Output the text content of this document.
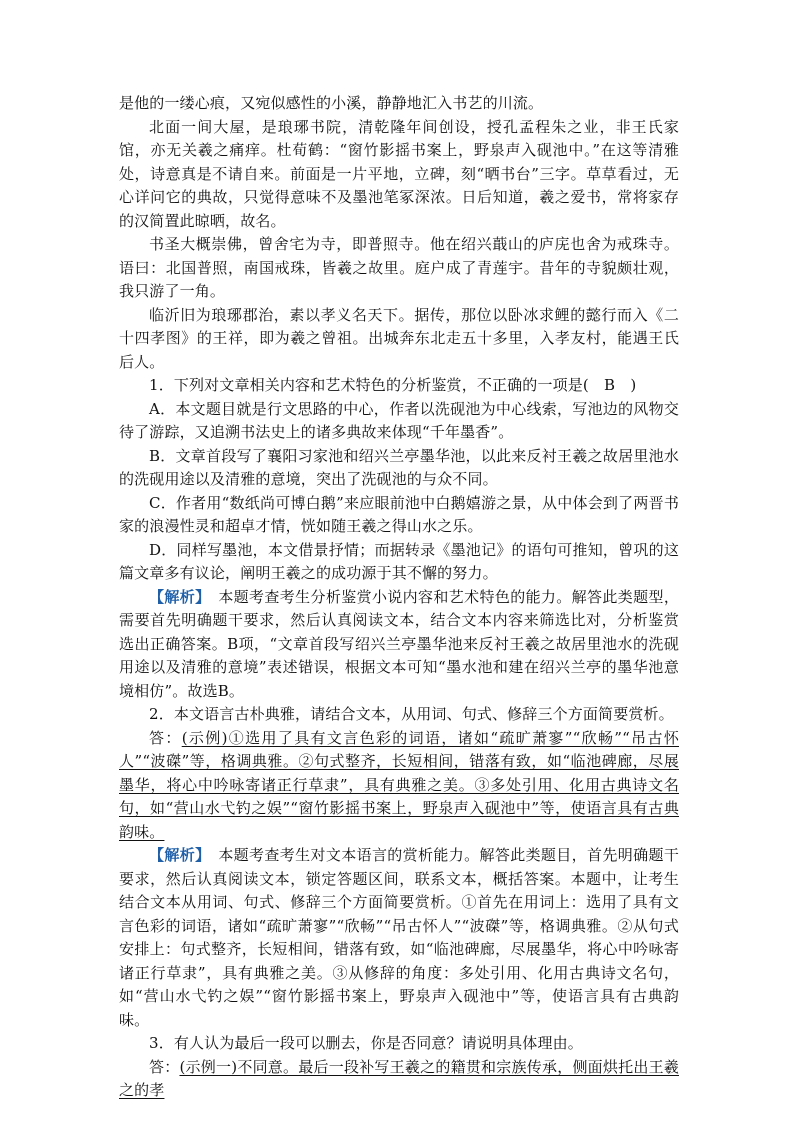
是他的一缕心痕，又宛似感性的小溪，静静地汇入书艺的川流。

北面一间大屋，是琅琊书院，清乾隆年间创设，授孔孟程朱之业，非王氏家馆，亦无关羲之痛痒。杜荀鹤：“窗竹影摇书案上，野泉声入砚池中。”在这等清雅处，诗意真是不请自来。前面是一片平地，立碑，刻“晒书台”三字。草草看过，无心详问它的典故，只觉得意味不及墨池笔冢深浓。日后知道，羲之爱书，常将家存的汉简置此晾晒，故名。

书圣大概崇佛，曾舍宅为寺，即普照寺。他在绍兴蕺山的庐庑也舍为戒珠寺。语曰：北国普照，南国戒珠，皆羲之故里。庭户成了青莲宇。昔年的寺貌颇壮观，我只游了一角。

临沂旧为琅琊郡治，素以孝义名天下。据传，那位以卧冰求鲤的懿行而入《二十四孝图》的王祥，即为羲之曾祖。出城奔东北走五十多里，入孝友村，能遇王氏后人。

1．下列对文章相关内容和艺术特色的分析鉴赏，不正确的一项是(　B　)

A．本文题目就是行文思路的中心，作者以洗砚池为中心线索，写池边的风物交待了游踪，又追溯书法史上的诸多典故来体现“千年墨香”。

B．文章首段写了襄阳习家池和绍兴兰亭墨华池，以此来反衬王羲之故居里池水的洗砚用途以及清雅的意境，突出了洗砚池的与众不同。

C．作者用“数纸尚可博白鹅”来应眼前池中白鹅嬉游之景，从中体会到了两晋书家的浪漫性灵和超卓才情，恍如随王羲之得山水之乐。

D．同样写墨池，本文借景抒情；而据转录《墨池记》的语句可推知，曾巩的这篇文章多有议论，阐明王羲之的成功源于其不懈的努力。

【解析】　本题考查考生分析鉴赏小说内容和艺术特色的能力。解答此类题型，需要首先明确题干要求，然后认真阅读文本，结合文本内容来筛选比对，分析鉴赏选出正确答案。B项，“文章首段写绍兴兰亭墨华池来反衬王羲之故居里池水的洗砚用途以及清雅的意境”表述错误，根据文本可知“墨水池和建在绍兴兰亭的墨华池意境相仿”。故选B。

2．本文语言古朴典雅，请结合文本，从用词、句式、修辞三个方面简要赏析。

答：(示例)①选用了具有文言色彩的词语，诸如“疏旷萧寥”“欣畅”“吊古怀人”“波磔”等，格调典雅。②句式整齐，长短相间，错落有致，如“临池碑廊，尽展墨华，将心中吟咏寄诸正行草隶”，具有典雅之美。③多处引用、化用古典诗文名句，如“营山水弋钓之娱”“窗竹影摇书案上，野泉声入砚池中”等，使语言具有古典韵味。

【解析】　本题考查考生对文本语言的赏析能力。解答此类题目，首先明确题干要求，然后认真阅读文本，锁定答题区间，联系文本，概括答案。本题中，让考生结合文本从用词、句式、修辞三个方面简要赏析。①首先在用词上：选用了具有文言色彩的词语，诸如“疏旷萧寥”“欣畅”“吊古怀人”“波磔”等，格调典雅。②从句式安排上：句式整齐，长短相间，错落有致，如“临池碑廊，尽展墨华，将心中吟咏寄诸正行草隶”，具有典雅之美。③从修辞的角度：多处引用、化用古典诗文名句，如“营山水弋钓之娱”“窗竹影摇书案上，野泉声入砚池中”等，使语言具有古典韵味。

3．有人认为最后一段可以删去，你是否同意？请说明具体理由。

答：(示例一)不同意。最后一段补写王羲之的籍贯和宗族传承，侧面烘托出王羲之的孝
